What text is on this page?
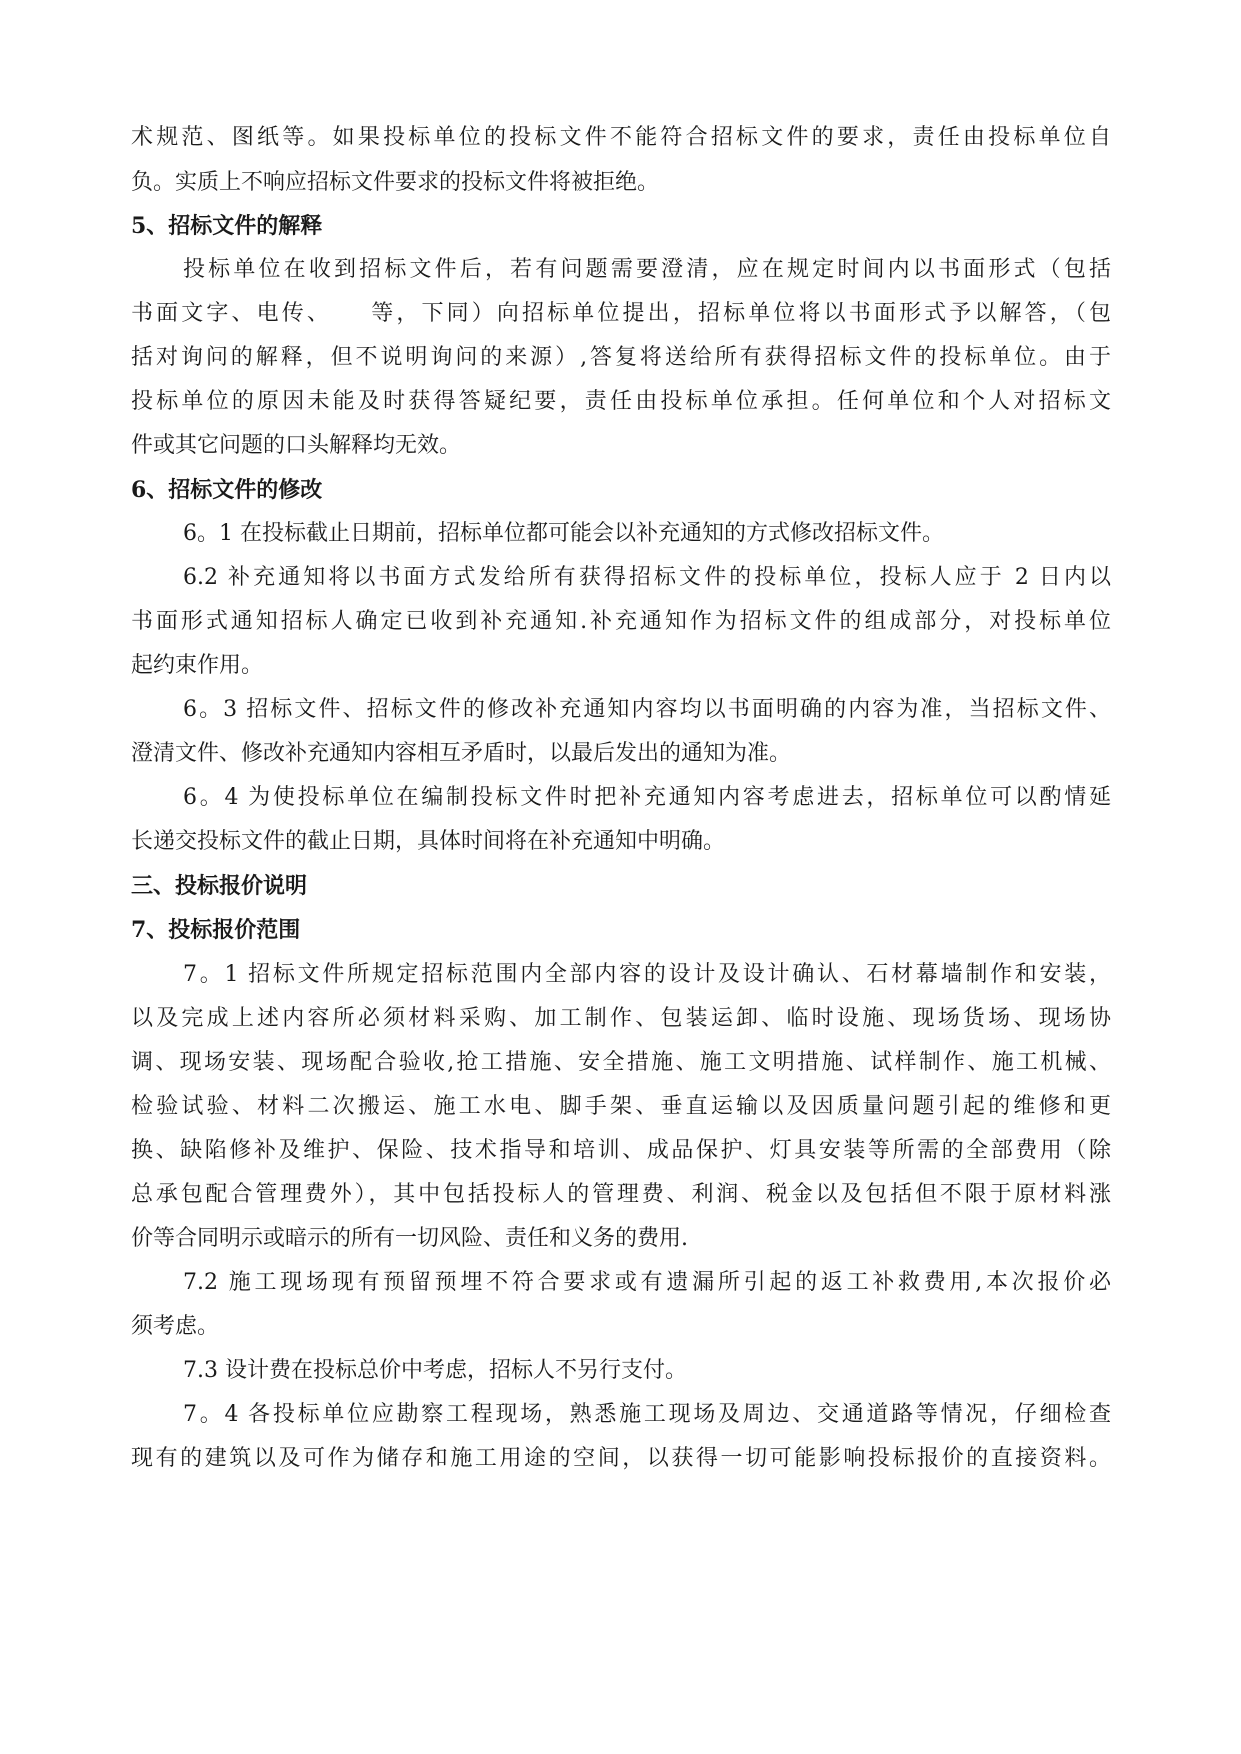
术规范、图纸等。如果投标单位的投标文件不能符合招标文件的要求，责任由投标单位自
负。实质上不响应招标文件要求的投标文件将被拒绝。
5、招标文件的解释
投标单位在收到招标文件后，若有问题需要澄清，应在规定时间内以书面形式（包括
书面文字、电传、　　等，下同）向招标单位提出，招标单位将以书面形式予以解答，（包
括对询问的解释，但不说明询问的来源）,答复将送给所有获得招标文件的投标单位。由于
投标单位的原因未能及时获得答疑纪要，责任由投标单位承担。任何单位和个人对招标文
件或其它问题的口头解释均无效。
6、招标文件的修改
6。1 在投标截止日期前，招标单位都可能会以补充通知的方式修改招标文件。
6.2 补充通知将以书面方式发给所有获得招标文件的投标单位，投标人应于 2 日内以
书面形式通知招标人确定已收到补充通知.补充通知作为招标文件的组成部分，对投标单位
起约束作用。
6。3 招标文件、招标文件的修改补充通知内容均以书面明确的内容为准，当招标文件、
澄清文件、修改补充通知内容相互矛盾时，以最后发出的通知为准。
6。4 为使投标单位在编制投标文件时把补充通知内容考虑进去，招标单位可以酌情延
长递交投标文件的截止日期，具体时间将在补充通知中明确。
三、投标报价说明
7、投标报价范围
7。1 招标文件所规定招标范围内全部内容的设计及设计确认、石材幕墙制作和安装，
以及完成上述内容所必须材料采购、加工制作、包装运卸、临时设施、现场货场、现场协
调、现场安装、现场配合验收,抢工措施、安全措施、施工文明措施、试样制作、施工机械、
检验试验、材料二次搬运、施工水电、脚手架、垂直运输以及因质量问题引起的维修和更
换、缺陷修补及维护、保险、技术指导和培训、成品保护、灯具安装等所需的全部费用（除
总承包配合管理费外），其中包括投标人的管理费、利润、税金以及包括但不限于原材料涨
价等合同明示或暗示的所有一切风险、责任和义务的费用.
7.2 施工现场现有预留预埋不符合要求或有遗漏所引起的返工补救费用,本次报价必
须考虑。
7.3 设计费在投标总价中考虑，招标人不另行支付。
7。4 各投标单位应勘察工程现场，熟悉施工现场及周边、交通道路等情况，仔细检查
现有的建筑以及可作为储存和施工用途的空间，以获得一切可能影响投标报价的直接资料。
